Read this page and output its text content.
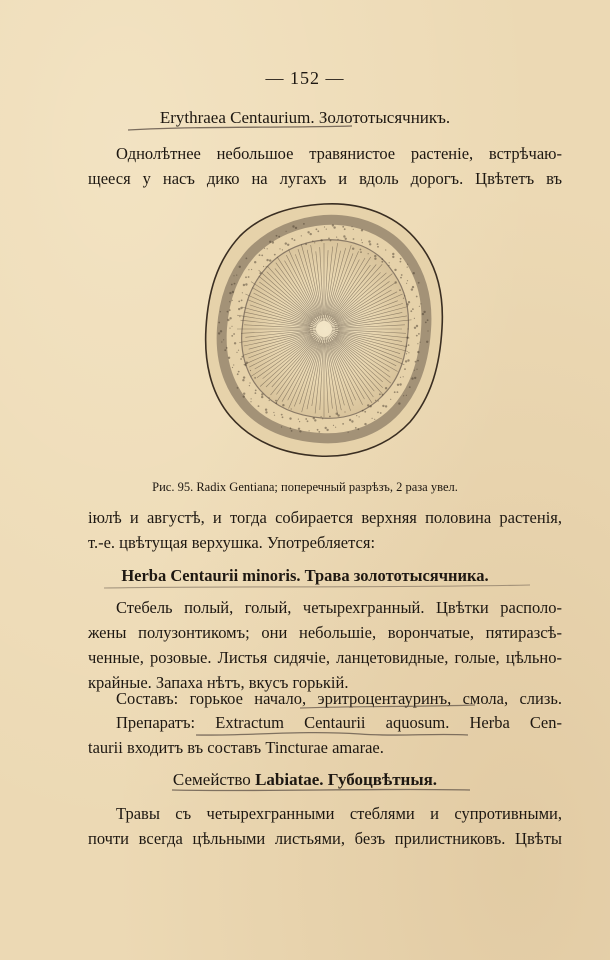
— 152 —
Erythraea Centaurium. Золототысячникъ.
Однолѣтнее небольшое травянистое растеніе, встрѣчаю-
щееся у насъ дико на лугахъ и вдоль дорогъ. Цвѣтетъ въ
Рис. 95. Radix Gentiana; поперечный разрѣзъ, 2 раза увел.
іюлѣ и августѣ, и тогда собирается верхняя половина растенія,
т.-е. цвѣтущая верхушка. Употребляется:
Herba Centaurii minoris. Трава золототысячника.
Стебель полый, голый, четырехгранный. Цвѣтки располо-
жены полузонтикомъ; они небольшіе, ворончатые, пятиразсѣ-
ченные, розовые. Листья сидячіе, ланцетовидные, голые, цѣльно-
крайные. Запаха нѣтъ, вкусъ горькій.
Составъ: горькое начало, эритроцентауринъ, смола, слизь.
Препаратъ: Extractum Centaurii aquosum. Herba Cen-
taurii входитъ въ составъ Tincturae amarae.
Семейство Labiatae. Губоцвѣтныя.
Травы съ четырехгранными стеблями и супротивными,
почти всегда цѣльными листьями, безъ прилистниковъ. Цвѣты
